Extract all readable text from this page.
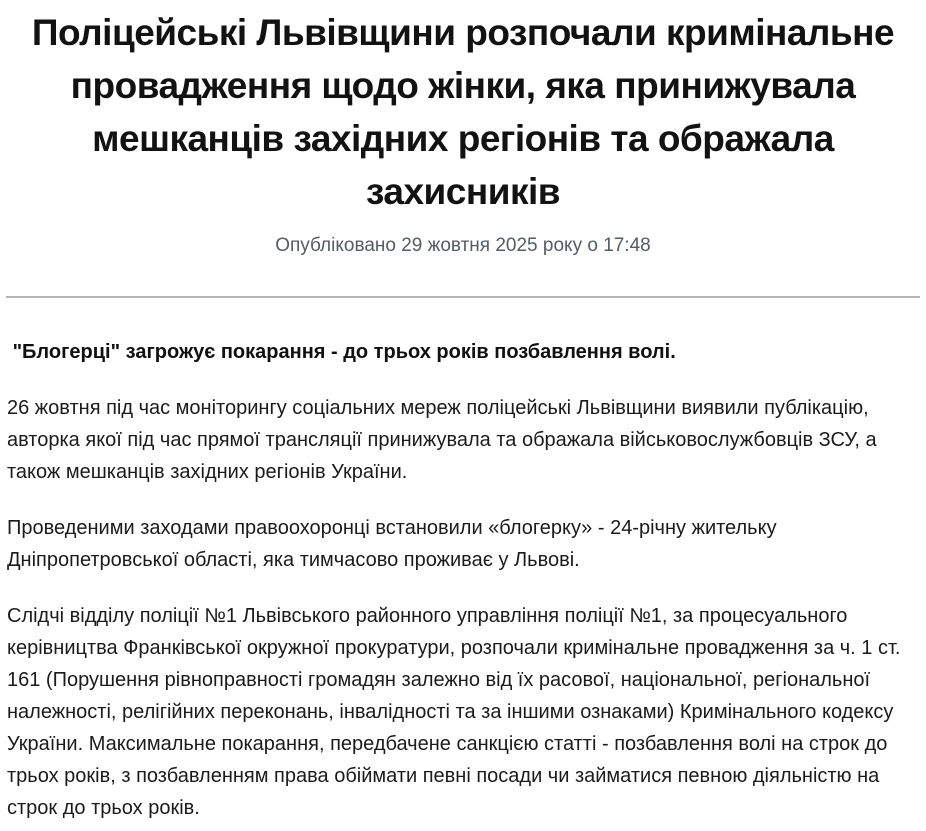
Поліцейські Львівщини розпочали кримінальне провадження щодо жінки, яка принижувала мешканців західних регіонів та ображала захисників

Опубліковано 29 жовтня 2025 року о 17:48

"Блогерці" загрожує покарання - до трьох років позбавлення волі.

26 жовтня під час моніторингу соціальних мереж поліцейські Львівщини виявили публікацію, авторка якої під час прямої трансляції принижувала та ображала військовослужбовців ЗСУ, а також мешканців західних регіонів України.

Проведеними заходами правоохоронці встановили «блогерку» - 24-річну жительку Дніпропетровської області, яка тимчасово проживає у Львові.

Слідчі відділу поліції №1 Львівського районного управління поліції №1, за процесуального керівництва Франківської окружної прокуратури, розпочали кримінальне провадження за ч. 1 ст. 161 (Порушення рівноправності громадян залежно від їх расової, національної, регіональної належності, релігійних переконань, інвалідності та за іншими ознаками) Кримінального кодексу України. Максимальне покарання, передбачене санкцією статті - позбавлення волі на строк до трьох років, з позбавленням права обіймати певні посади чи займатися певною діяльністю на строк до трьох років.
